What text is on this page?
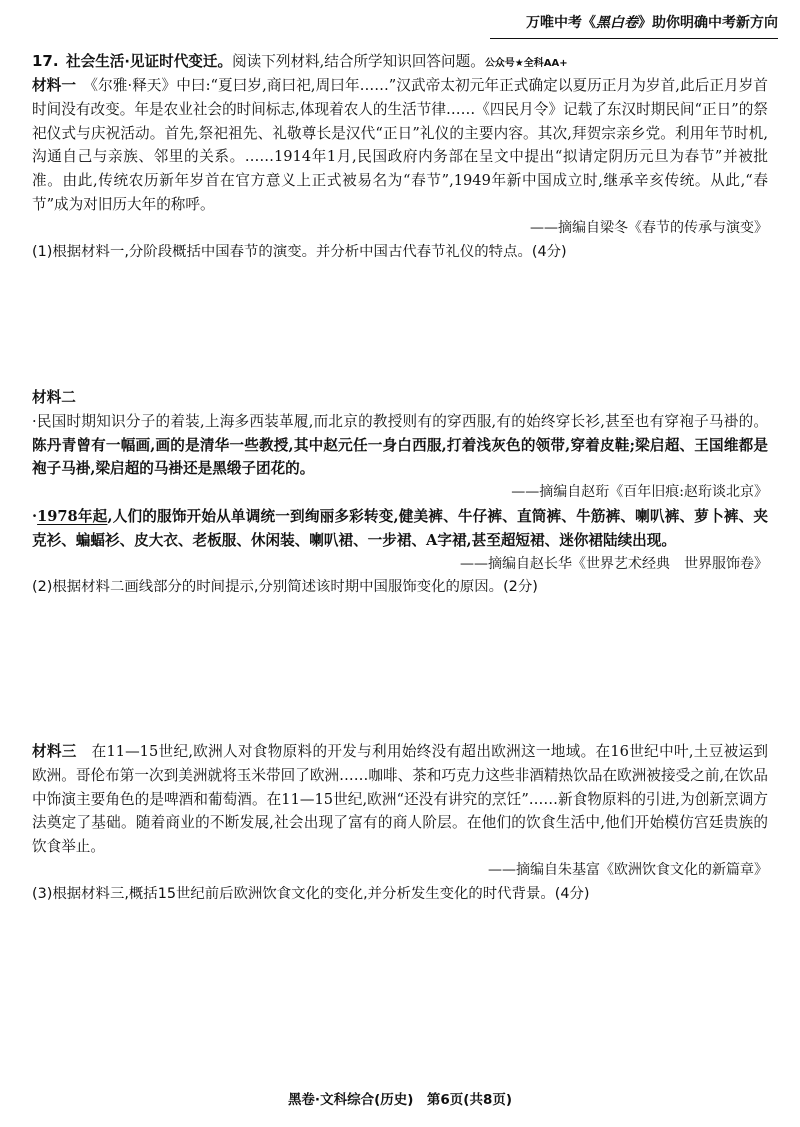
万唯中考《黑白卷》助你明确中考新方向
17. 社会生活·见证时代变迁。阅读下列材料,结合所学知识回答问题。公众号★全科AA+

材料一　 《尔雅·释天》中曰:“夏曰岁,商曰祀,周曰年……”汉武帝太初元年正式确定以夏历正月为岁首,此后正月岁首时间没有改变。年是农业社会的时间标志,体现着农人的生活节律……《四民月令》记载了东汉时期民间“正日”的祭祀仪式与庆祝活动。首先,祭祀祖先、礼敬尊长是汉代“正日”礼仪的主要内容。其次,拜贺宗亲乡党。利用年节时机,沟通自己与亲族、邻里的关系。……1914年1月,民国政府内务部在呈文中提出“拟请定阴历元旦为春节”并被批准。由此,传统农历新年岁首在官方意义上正式被易名为“春节”,1949年新中国成立时,继承辛亥传统。从此,“春节”成为对旧历大年的称呼。

——摘编自梁冬《春节的传承与演变》

(1)根据材料一,分阶段概括中国春节的演变。并分析中国古代春节礼仪的特点。(4分)

材料二

·民国时期知识分子的着装,上海多西装革履,而北京的教授则有的穿西服,有的始终穿长衫,甚至也有穿袍子马褂的。陈丹青曾有一幅画,画的是清华一些教授,其中赵元任一身白西服,打着浅灰色的领带,穿着皮鞋;梁启超、王国维都是袍子马褂,梁启超的马褂还是黑缎子团花的。

——摘编自赵珩《百年旧痕:赵珩谈北京》

·1978年起,人们的服饰开始从单调统一到绚丽多彩转变,健美裤、牛仔裤、直筒裤、牛筋裤、喇叭裤、萝卜裤、夹克衫、蝙蝠衫、皮大衣、老板服、休闲装、喇叭裙、一步裙、A字裙,甚至超短裙、迷你裙陆续出现。

——摘编自赵长华《世界艺术经典　世界服饰卷》

(2)根据材料二画线部分的时间提示,分别简述该时期中国服饰变化的原因。(2分)

材料三　 在11—15世纪,欧洲人对食物原料的开发与利用始终没有超出欧洲这一地域。在16世纪中叶,土豆被运到欧洲。哥伦布第一次到美洲就将玉米带回了欧洲……咖啡、茶和巧克力这些非酒精热饮品在欧洲被接受之前,在饮品中饰演主要角色的是啤酒和葡萄酒。在11—15世纪,欧洲“还没有讲究的烹饪”……新食物原料的引进,为创新烹调方法奠定了基础。随着商业的不断发展,社会出现了富有的商人阶层。在他们的饮食生活中,他们开始模仿宫廷贵族的饮食举止。

——摘编自朱基富《欧洲饮食文化的新篇章》

(3)根据材料三,概括15世纪前后欧洲饮食文化的变化,并分析发生变化的时代背景。(4分)

黑卷·文科综合(历史)　第6页(共8页)
